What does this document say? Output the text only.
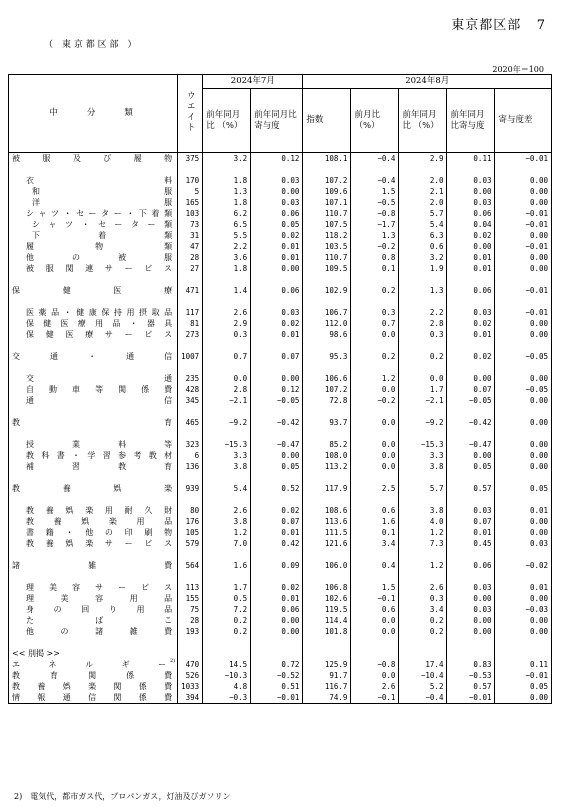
東京都区部 7
（　東 京 都 区 部　）
2020年＝100
中　　分　　類	ウエイト	2024年7月		2024年8月				
		前年同月比 （%）	前年同月比寄与度	指数	前月比 （%）	前年同月比 （%）	前年同月比寄与度	寄与度差

被服及び履物	375	3.2	0.12	108.1	−0.4	2.9	0.11	−0.01

衣料	170	1.8	0.03	107.2	−0.4	2.0	0.03	0.00

和服	5	1.3	0.00	109.6	1.5	2.1	0.00	0.00

洋服	165	1.8	0.03	107.1	−0.5	2.0	0.03	0.00

シャツ・セーター・下着類	103	6.2	0.06	110.7	−0.8	5.7	0.06	−0.01

シャツ・セーター類	73	6.5	0.05	107.5	−1.7	5.4	0.04	−0.01

下着類	31	5.5	0.02	118.2	1.3	6.3	0.02	0.00

履物類	47	2.2	0.01	103.5	−0.2	0.6	0.00	−0.01

他の被服	28	3.6	0.01	110.7	0.8	3.2	0.01	0.00

被服関連サービス	27	1.8	0.00	109.5	0.1	1.9	0.01	0.00

保健医療	471	1.4	0.06	102.9	0.2	1.3	0.06	−0.01

医薬品・健康保持用摂取品	117	2.6	0.03	106.7	0.3	2.2	0.03	−0.01

保健医療用品・器具	81	2.9	0.02	112.0	0.7	2.8	0.02	0.00

保健医療サービス	273	0.3	0.01	98.6	0.0	0.3	0.01	0.00

交通・通信	1007	0.7	0.07	95.3	0.2	0.2	0.02	−0.05

交通	235	0.0	0.00	106.6	1.2	0.0	0.00	0.00

自動車等関係費	428	2.8	0.12	107.2	0.0	1.7	0.07	−0.05

通信	345	−2.1	−0.05	72.8	−0.2	−2.1	−0.05	0.00

教育	465	−9.2	−0.42	93.7	0.0	−9.2	−0.42	0.00

授業料等	323	−15.3	−0.47	85.2	0.0	−15.3	−0.47	0.00

教科書・学習参考教材	6	3.3	0.00	108.0	0.0	3.3	0.00	0.00

補習教育	136	3.8	0.05	113.2	0.0	3.8	0.05	0.00

教養娯楽	939	5.4	0.52	117.9	2.5	5.7	0.57	0.05

教養娯楽用耐久財	80	2.6	0.02	108.6	0.6	3.8	0.03	0.01

教養娯楽用品	176	3.8	0.07	113.6	1.6	4.0	0.07	0.00

書籍・他の印刷物	105	1.2	0.01	111.5	0.1	1.2	0.01	0.00

教養娯楽サービス	579	7.0	0.42	121.6	3.4	7.3	0.45	0.03

諸雑費	564	1.6	0.09	106.0	0.4	1.2	0.06	−0.02

理美容サービス	113	1.7	0.02	106.8	1.5	2.6	0.03	0.01

理美容用品	155	0.5	0.01	102.6	−0.1	0.3	0.00	0.00

身の回り用品	75	7.2	0.06	119.5	0.6	3.4	0.03	−0.03

たばこ	28	0.2	0.00	114.4	0.0	0.2	0.00	0.00

他の諸雑費	193	0.2	0.00	101.8	0.0	0.2	0.00	0.00

<< 別掲 >>								

エネルギー 2)	470	14.5	0.72	125.9	−0.8	17.4	0.83	0.11

教育関係費	526	−10.3	−0.52	91.7	0.0	−10.4	−0.53	−0.01

教養娯楽関係費	1033	4.8	0.51	116.7	2.6	5.2	0.57	0.05

情報通信関係費	394	−0.3	−0.01	74.9	−0.1	−0.4	−0.01	0.00
2)　電気代，都市ガス代，プロパンガス，灯油及びガソリン
